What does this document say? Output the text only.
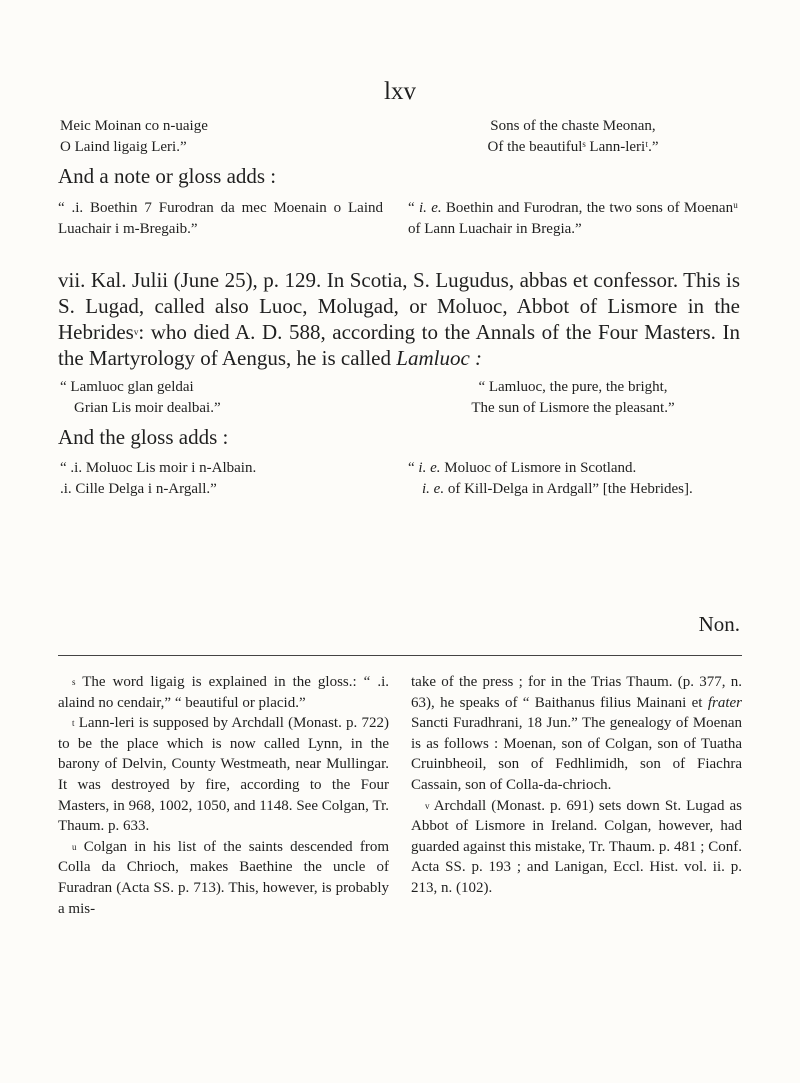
lxv
Meic Moinan co n-uaige
O Laind ligaig Leri.”
Sons of the chaste Meonan,
Of the beautifulˢ Lann-leriᵗ.”
And a note or gloss adds :
“ .i. Boethin 7 Furodran da mec Moenain o Laind Luachair i m-Bregaib.”
“ i. e. Boethin and Furodran, the two sons of Moenanᵘ of Lann Luachair in Bregia.”
vii. Kal. Julii (June 25), p. 129. In Scotia, S. Lugudus, abbas et confessor. This is S. Lugad, called also Luoc, Molugad, or Moluoc, Abbot of Lismore in the Hebrides$^v$: who died A. D. 588, according to the Annals of the Four Masters. In the Martyrology of Aengus, he is called Lamluoc :
“ Lamluoc glan geldai
Grian Lis moir dealbai.”
“ Lamluoc, the pure, the bright,
The sun of Lismore the pleasant.”
And the gloss adds :
“ .i. Moluoc Lis moir i n-Albain.
.i. Cille Delga i n-Argall.”
“ i. e. Moluoc of Lismore in Scotland.
i. e. of Kill-Delga in Ardgall” [the Hebrides].
Non.

$^s$ The word ligaig is explained in the gloss.: “ .i. alaind no cendair,” “ beautiful or placid.”

$^t$ Lann-leri is supposed by Archdall (Monast. p. 722) to be the place which is now called Lynn, in the barony of Delvin, County Westmeath, near Mullingar. It was destroyed by fire, according to the Four Masters, in 968, 1002, 1050, and 1148. See Colgan, Tr. Thaum. p. 633.

$^u$ Colgan in his list of the saints descended from Colla da Chrioch, makes Baethine the uncle of Furadran (Acta SS. p. 713). This, however, is probably a mis-

take of the press ; for in the Trias Thaum. (p. 377, n. 63), he speaks of “ Baithanus filius Mainani et frater Sancti Furadhrani, 18 Jun.” The genealogy of Moenan is as follows : Moenan, son of Colgan, son of Tuatha Cruinbheoil, son of Fedhlimidh, son of Fiachra Cassain, son of Colla-da-chrioch.

$^v$ Archdall (Monast. p. 691) sets down St. Lugad as Abbot of Lismore in Ireland. Colgan, however, had guarded against this mistake, Tr. Thaum. p. 481 ; Conf. Acta SS. p. 193 ; and Lanigan, Eccl. Hist. vol. ii. p. 213, n. (102).
